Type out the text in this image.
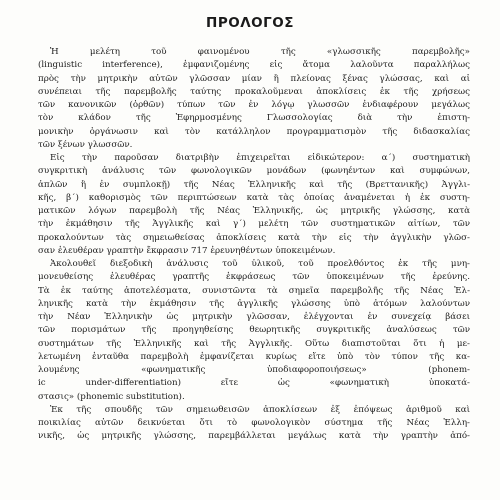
ΠΡΟΛΟΓΟΣ
Ἡ μελέτη τοῦ φαινομένου τῆς «γλωσσικῆς παρεμβολῆς»
(linguistic interference), ἐμφανιζομένης εἰς ἄτομα λαλοῦντα παραλλήλως
πρὸς τὴν μητρικὴν αὐτῶν γλῶσσαν μίαν ἢ πλείονας ξένας γλώσσας, καὶ αἱ
συνέπειαι τῆς παρεμβολῆς ταύτης προκαλοῦμεναι ἀποκλίσεις ἐκ τῆς χρήσεως
τῶν κανονικῶν (ὀρθῶν) τύπων τῶν ἐν λόγῳ γλωσσῶν ἐνδιαφέρουν μεγάλως
τὸν κλάδον τῆς Ἐφηρμοσμένης Γλωσσολογίας διὰ τὴν ἐπιστη-
μονικὴν ὀργάνωσιν καὶ τὸν κατάλληλον προγραμματισμὸν τῆς διδασκαλίας
τῶν ξένων γλωσσῶν.
Εἰς τὴν παροῦσαν διατριβὴν ἐπιχειρεῖται εἰδικώτερον: α΄) συστηματικὴ
συγκριτικὴ ἀνάλυσις τῶν φωνολογικῶν μονάδων (φωνηέντων καὶ συμφώνων,
ἁπλῶν ἢ ἐν συμπλοκῇ) τῆς Νέας Ἑλληνικῆς καὶ τῆς (Βρεττανικῆς) Ἀγγλι-
κῆς, β΄) καθορισμὸς τῶν περιπτώσεων κατὰ τὰς ὁποίας ἀναμένεται ἡ ἐκ συστη-
ματικῶν λόγων παρεμβολὴ τῆς Νέας Ἑλληνικῆς, ὡς μητρικῆς γλώσσης, κατὰ
τὴν ἐκμάθησιν τῆς Ἀγγλικῆς καὶ γ΄) μελέτη τῶν συστηματικῶν αἰτίων, τῶν
προκαλούντων τὰς σημειωθείσας ἀποκλίσεις κατὰ τὴν εἰς τὴν ἀγγλικὴν γλῶσ-
σαν ἐλευθέραν γραπτὴν ἔκφρασιν 717 ἐρευνηθέντων ὑποκειμένων.
Ἀκολουθεῖ διεξοδικὴ ἀνάλυσις τοῦ ὑλικοῦ, τοῦ προελθόντος ἐκ τῆς μνη-
μονευθείσης ἐλευθέρας γραπτῆς ἐκφράσεως τῶν ὑποκειμένων τῆς ἐρεύνης.
Τὰ ἐκ ταύτης ἀποτελέσματα, συνιστῶντα τὰ σημεῖα παρεμβολῆς τῆς Νέας Ἑλ-
ληνικῆς κατὰ τὴν ἐκμάθησιν τῆς ἀγγλικῆς γλώσσης ὑπὸ ἀτόμων λαλούντων
τὴν Νέαν Ἑλληνικὴν ὡς μητρικὴν γλῶσσαν, ἐλέγχονται ἐν συνεχείᾳ βάσει
τῶν πορισμάτων τῆς προηγηθείσης θεωρητικῆς συγκριτικῆς ἀναλύσεως τῶν
συστημάτων τῆς Ἑλληνικῆς καὶ τῆς Ἀγγλικῆς. Οὕτω διαπιστοῦται ὅτι ἡ με-
λετωμένη ἐνταῦθα παρεμβολὴ ἐμφανίζεται κυρίως εἴτε ὑπὸ τὸν τύπον τῆς κα-
λουμένης «φωνηματικῆς ὑποδιαφοροποιήσεως» (phonem-
ic under-differentiation) εἴτε ὡς «φωνηματικὴ ὑποκατά-
στασις» (phonemic substitution).
Ἐκ τῆς σπουδῆς τῶν σημειωθεισῶν ἀποκλίσεων ἐξ ἐπόψεως ἀριθμοῦ καὶ
ποικιλίας αὐτῶν δεικνύεται ὅτι τὸ φωνολογικὸν σύστημα τῆς Νέας Ἑλλη-
νικῆς, ὡς μητρικῆς γλώσσης, παρεμβάλλεται μεγάλως κατὰ τὴν γραπτὴν ἀπό-
